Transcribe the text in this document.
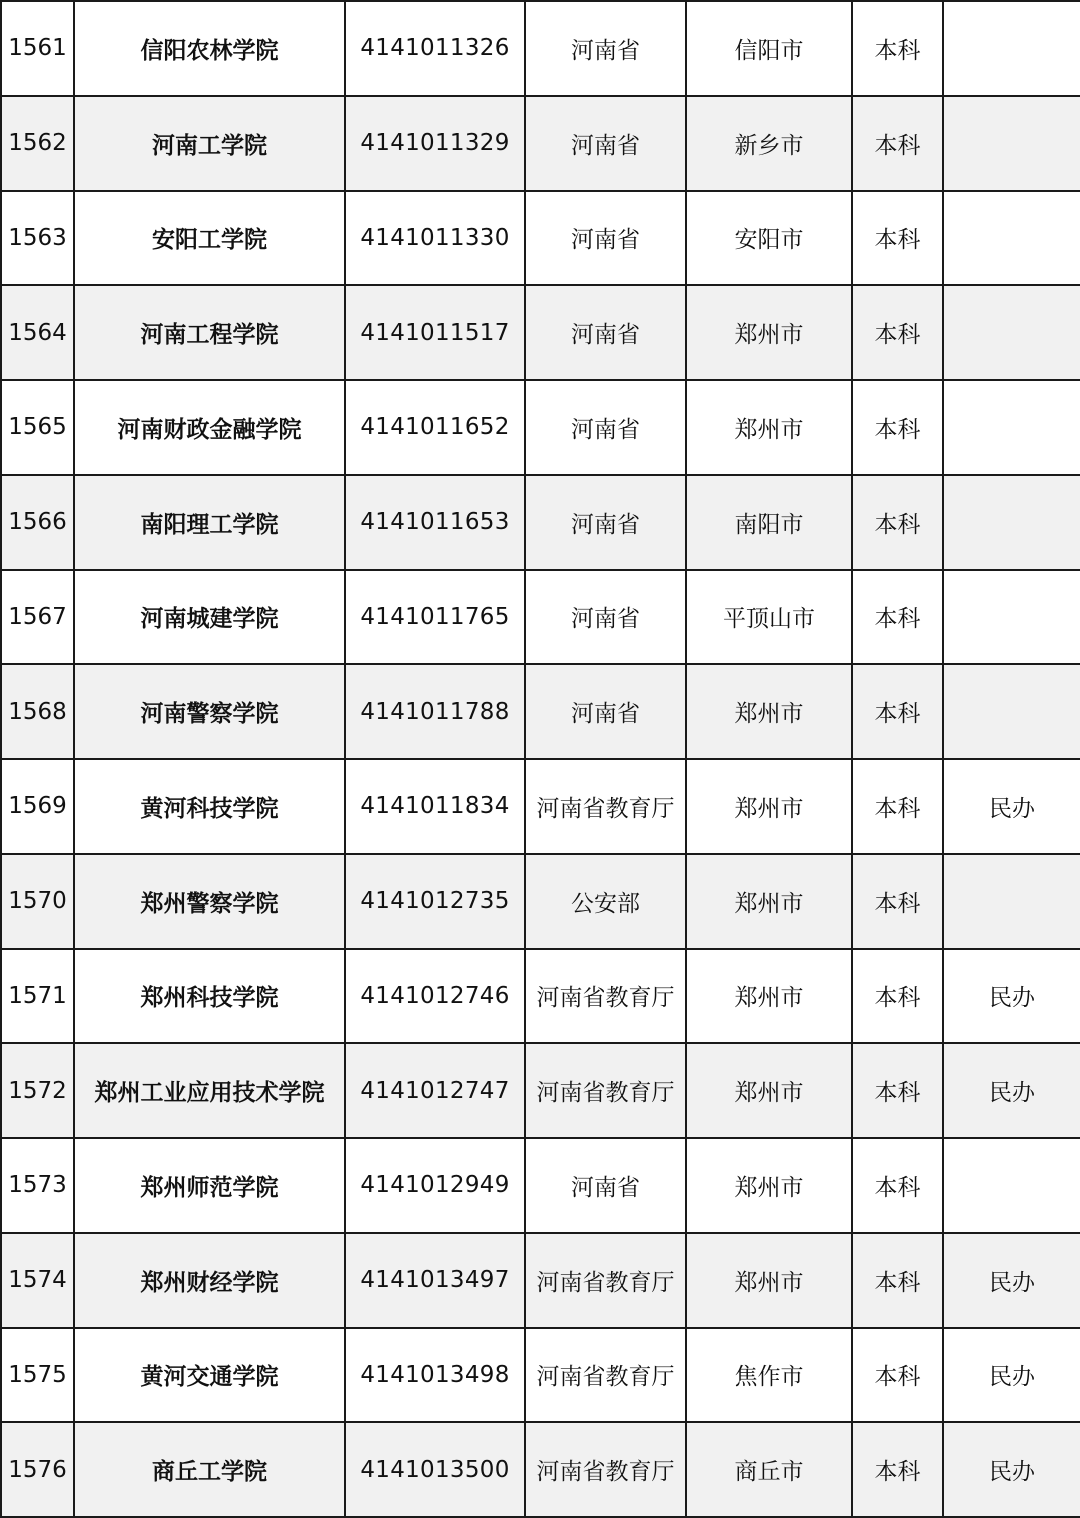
1561	信阳农林学院	4141011326	河南省	信阳市	本科	
1562	河南工学院	4141011329	河南省	新乡市	本科	
1563	安阳工学院	4141011330	河南省	安阳市	本科	
1564	河南工程学院	4141011517	河南省	郑州市	本科	
1565	河南财政金融学院	4141011652	河南省	郑州市	本科	
1566	南阳理工学院	4141011653	河南省	南阳市	本科	
1567	河南城建学院	4141011765	河南省	平顶山市	本科	
1568	河南警察学院	4141011788	河南省	郑州市	本科	
1569	黄河科技学院	4141011834	河南省教育厅	郑州市	本科	民办
1570	郑州警察学院	4141012735	公安部	郑州市	本科	
1571	郑州科技学院	4141012746	河南省教育厅	郑州市	本科	民办
1572	郑州工业应用技术学院	4141012747	河南省教育厅	郑州市	本科	民办
1573	郑州师范学院	4141012949	河南省	郑州市	本科	
1574	郑州财经学院	4141013497	河南省教育厅	郑州市	本科	民办
1575	黄河交通学院	4141013498	河南省教育厅	焦作市	本科	民办
1576	商丘工学院	4141013500	河南省教育厅	商丘市	本科	民办
